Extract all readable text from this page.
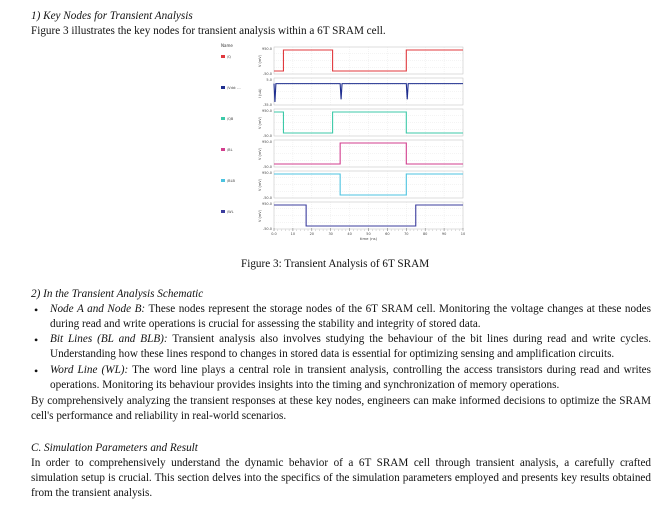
1) Key Nodes for Transient Analysis
Figure 3 illustrates the key nodes for transient analysis within a 6T SRAM cell.
Name
/Q	V (mV)
950.0
-50.0
/Vdd: ...
I (uA)
5.0
-35.0
/QB	V (mV)
950.0
-50.0
/BL	V (mV)
950.0
-50.0
/BLB	V (mV)
950.0
-50.0
/WL	V (mV)
950.0
-50.0
0.0	10	20	30	40	50	60	70	80	90	10
time (ns)
Figure 3: Transient Analysis of 6T SRAM
2) In the Transient Analysis Schematic
• Node A and Node B: These nodes represent the storage nodes of the 6T SRAM cell. Monitoring the voltage changes at these nodes during read and write operations is crucial for assessing the stability and integrity of stored data.
• Bit Lines (BL and BLB): Transient analysis also involves studying the behaviour of the bit lines during read and write cycles. Understanding how these lines respond to changes in stored data is essential for optimizing sensing and amplification circuits.
• Word Line (WL): The word line plays a central role in transient analysis, controlling the access transistors during read and writes operations. Monitoring its behaviour provides insights into the timing and synchronization of memory operations.
By comprehensively analyzing the transient responses at these key nodes, engineers can make informed decisions to optimize the SRAM cell's performance and reliability in real-world scenarios.
C. Simulation Parameters and Result
In order to comprehensively understand the dynamic behavior of a 6T SRAM cell through transient analysis, a carefully crafted simulation setup is crucial. This section delves into the specifics of the simulation parameters employed and presents key results obtained from the transient analysis.
